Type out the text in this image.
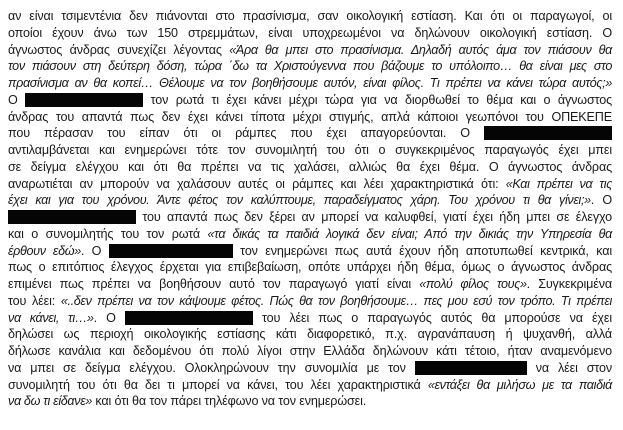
αν είναι τσιμεντένια δεν πιάνονται στο πρασίνισμα, σαν οικολογική εστίαση. Και ότι οι παραγωγοί, οι
οποίοι έχουν άνω των 150 στρεμμάτων, είναι υποχρεωμένοι να δηλώνουν οικολογική εστίαση. Ο
άγνωστος άνδρας συνεχίζει λέγοντας «Άρα θα μπει στο πρασίνισμα. Δηλαδή αυτός άμα τον πιάσουν θα
τον πιάσουν στη δεύτερη δόση, τώρα ΄δω τα Χριστούγεννα που βάζουμε το υπόλοιπο… θα είναι μες στο
πρασίνισμα αν θα κοπεί… Θέλουμε να τον βοηθήσουμε αυτόν, είναι φίλος. Τι πρέπει να κάνει τώρα αυτός;»
Ο	τον ρωτά τι έχει κάνει μέχρι τώρα για να διορθωθεί το θέμα και ο άγνωστος
άνδρας του απαντά πως δεν έχει κάνει τίποτα μέχρι στιγμής, απλά κάποιοι γεωπόνοι του ΟΠΕΚΕΠΕ
που πέρασαν του είπαν ότι οι ράμπες που έχει απαγορεύονται. Ο
αντιλαμβάνεται και ενημερώνει τότε τον συνομιλητή του ότι ο συγκεκριμένος παραγωγός έχει μπει
σε δείγμα ελέγχου και ότι θα πρέπει να τις χαλάσει, αλλιώς θα έχει θέμα. Ο άγνωστος άνδρας
αναρωτιέται αν μπορούν να χαλάσουν αυτές οι ράμπες και λέει χαρακτηριστικά ότι: «Και πρέπει να τις
έχει και για του χρόνου. Άντε φέτος τον καλύπτουμε, παραδείγματος χάρη. Του χρόνου τι θα γίνει;». Ο
του απαντά πως δεν ξέρει αν μπορεί να καλυφθεί, γιατί έχει ήδη μπει σε έλεγχο
και ο συνομιλητής του τον ρωτά «τα δικάς τα παιδιά λογικά δεν είναι; Από την δικιάς την Υπηρεσία θα
έρθουν εδώ». Ο	τον ενημερώνει πως αυτά έχουν ήδη αποτυπωθεί κεντρικά, και
πως ο επιτόπιος έλεγχος έρχεται για επιβεβαίωση, οπότε υπάρχει ήδη θέμα, όμως ο άγνωστος άνδρας
επιμένει πως πρέπει να βοηθήσουν αυτό τον παραγωγό γιατί είναι «πολύ φίλος τους». Συγκεκριμένα
του λέει: «..δεν πρέπει να τον κάψουμε φέτος. Πώς θα τον βοηθήσουμε… πες μου εσύ τον τρόπο. Τι πρέπει
να κάνει, τι…». Ο	του λέει πως ο παραγωγός αυτός θα μπορούσε να έχει
δηλώσει ως περιοχή οικολογικής εστίασης κάτι διαφορετικό, π.χ. αγρανάπαυση ή ψυχανθή, αλλά
δήλωσε κανάλια και δεδομένου ότι πολύ λίγοι στην Ελλάδα δηλώνουν κάτι τέτοιο, ήταν αναμενόμενο
να μπει σε δείγμα ελέγχου. Ολοκληρώνουν την συνομιλία με τον	να λέει στον
συνομιλητή του ότι θα δει τι μπορεί να κάνει, του λέει χαρακτηριστικά «εντάξει θα μιλήσω με τα παιδιά
να δω τι είδανε» και ότι θα τον πάρει τηλέφωνο να τον ενημερώσει.
